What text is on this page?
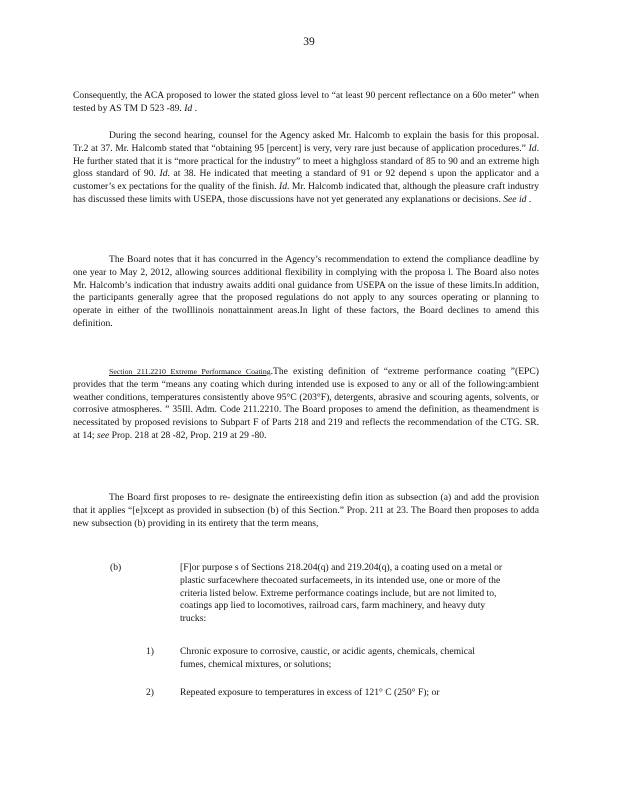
39

Consequently, the ACA proposed to lower the stated gloss level to “at least 90 percent reflectance on a 60o meter” when tested by AS TM D 523 -89. Id .

During the second hearing, counsel for the Agency asked Mr. Halcomb to explain the basis for this proposal. Tr.2 at 37. Mr. Halcomb stated that “obtaining 95 [percent] is very, very rare just because of application procedures.” Id. He further stated that it is “more practical for the industry” to meet a highgloss standard of 85 to 90 and an extreme high gloss standard of 90. Id. at 38. He indicated that meeting a standard of 91 or 92 depend s upon the applicator and a customer’s ex pectations for the quality of the finish. Id. Mr. Halcomb indicated that, although the pleasure craft industry has discussed these limits with USEPA, those discussions have not yet generated any explanations or decisions. See id .

The Board notes that it has concurred in the Agency’s recommendation to extend the compliance deadline by one year to May 2, 2012, allowing sources additional flexibility in complying with the proposa l. The Board also notes Mr. Halcomb’s indication that industry awaits additi onal guidance from USEPA on the issue of these limits.In addition, the participants generally agree that the proposed regulations do not apply to any sources operating or planning to operate in either of the twoIllinois nonattainment areas.In light of these factors, the Board declines to amend this definition.

Section 211.2210 Extreme Performance Coating.The existing definition of “extreme performance coating ”(EPC) provides that the term “means any coating which during intended use is exposed to any or all of the following:ambient weather conditions, temperatures consistently above 95°C (203°F), detergents, abrasive and scouring agents, solvents, or corrosive atmospheres. ” 35Ill. Adm. Code 211.2210. The Board proposes to amend the definition, as theamendment is necessitated by proposed revisions to Subpart F of Parts 218 and 219 and reflects the recommendation of the CTG. SR. at 14; see Prop. 218 at 28 -82, Prop. 219 at 29 -80.

The Board first proposes to re- designate the entireexisting defin ition as subsection (a) and add the provision that it applies “[e]xcept as provided in subsection (b) of this Section.” Prop. 211 at 23. The Board then proposes to adda new subsection (b) providing in its entirety that the term means,

(b)	[F]or purpose s of Sections 218.204(q) and 219.204(q), a coating used on a metal or plastic surfacewhere thecoated surfacemeets, in its intended use, one or more of the criteria listed below. Extreme performance coatings include, but are not limited to, coatings app lied to locomotives, railroad cars, farm machinery, and heavy duty trucks:

1)	Chronic exposure to corrosive, caustic, or acidic agents, chemicals, chemical fumes, chemical mixtures, or solutions;

2)	Repeated exposure to temperatures in excess of 121° C (250° F); or
